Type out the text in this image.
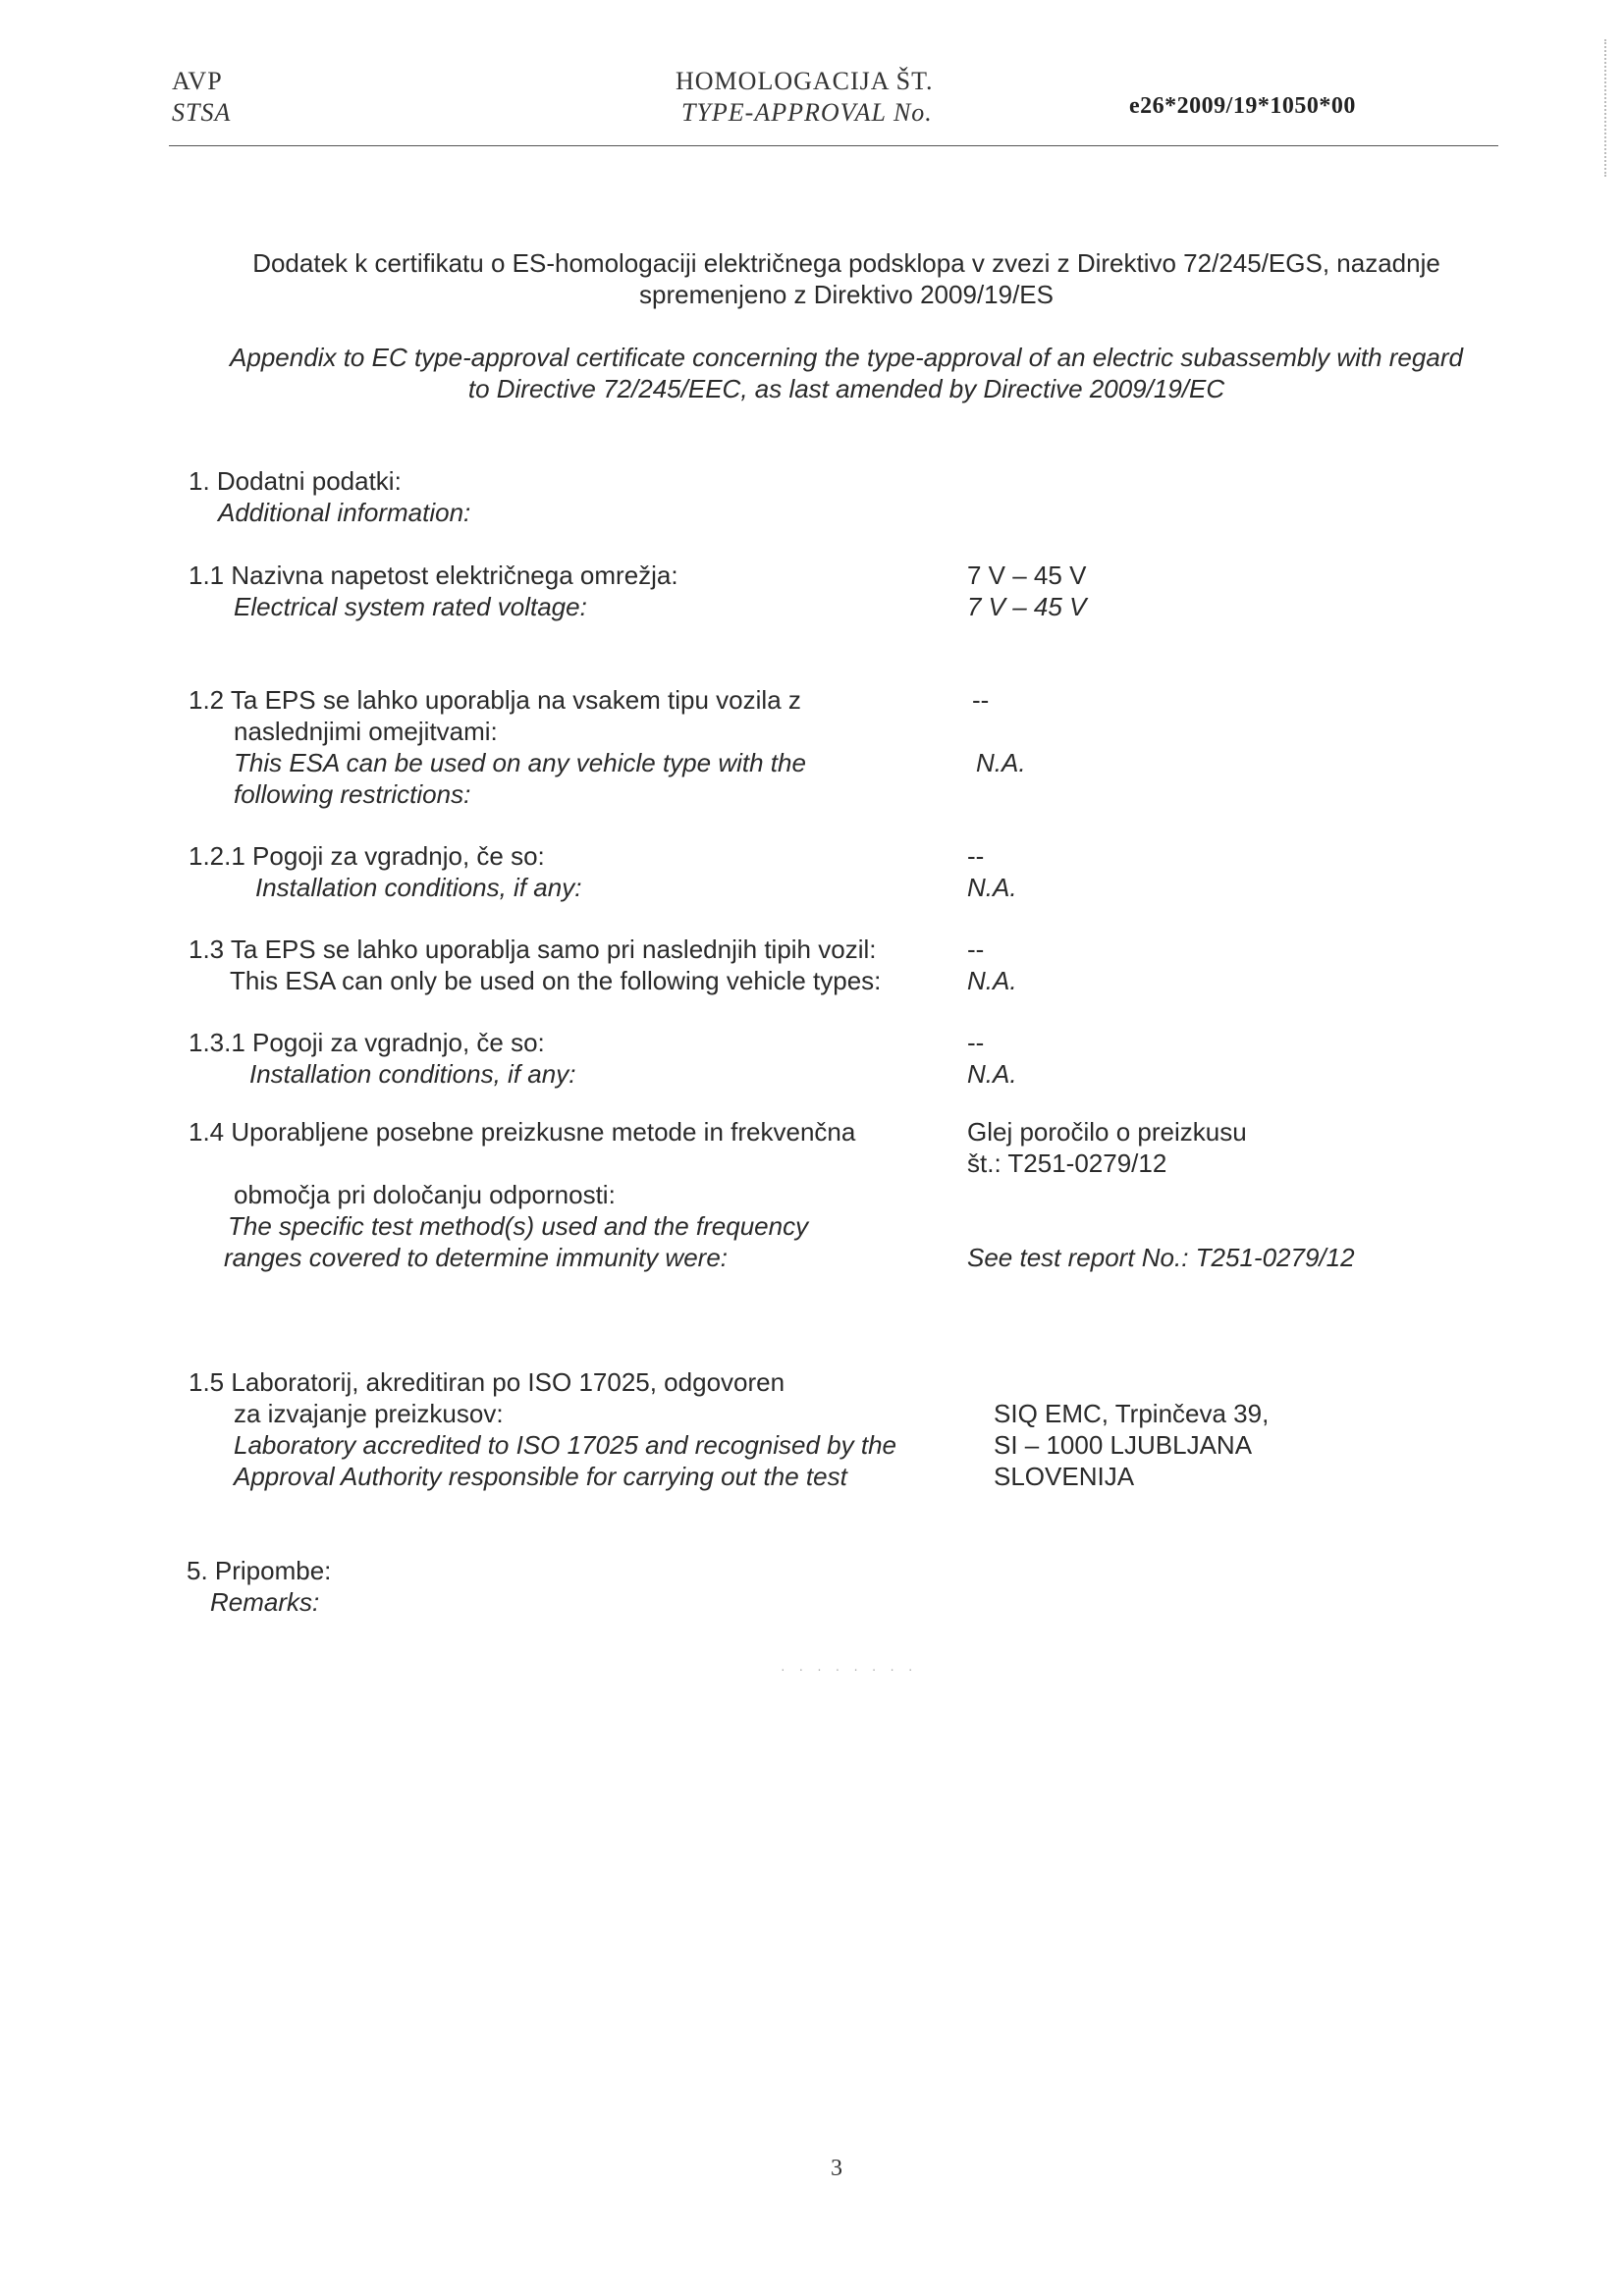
AVP
STSA
HOMOLOGACIJA ŠT.
TYPE-APPROVAL No.	e26*2009/19*1050*00
Dodatek k certifikatu o ES-homologaciji električnega podsklopa v zvezi z Direktivo 72/245/EGS, nazadnje
spremenjeno z Direktivo 2009/19/ES
Appendix to EC type-approval certificate concerning the type-approval of an electric subassembly with regard
to Directive 72/245/EEC, as last amended by Directive 2009/19/EC
1. Dodatni podatki:
Additional information:
1.1 Nazivna napetost električnega omrežja:
Electrical system rated voltage:
7 V – 45 V
7 V – 45 V
1.2 Ta EPS se lahko uporablja na vsakem tipu vozila z
naslednjimi omejitvami:
This ESA can be used on any vehicle type with the
following restrictions:
--
N.A.
1.2.1 Pogoji za vgradnjo, če so:
Installation conditions, if any:
--
N.A.
1.3 Ta EPS se lahko uporablja samo pri naslednjih tipih vozil:
This ESA can only be used on the following vehicle types:
--
N.A.
1.3.1 Pogoji za vgradnjo, če so:
Installation conditions, if any:
--
N.A.
1.4 Uporabljene posebne preizkusne metode in frekvenčna
območja pri določanju odpornosti:
The specific test method(s) used and the frequency
ranges covered to determine immunity were:
Glej poročilo o preizkusu
št.: T251-0279/12
See test report No.: T251-0279/12
1.5 Laboratorij, akreditiran po ISO 17025, odgovoren
za izvajanje preizkusov:
Laboratory accredited to ISO 17025 and recognised by the
Approval Authority responsible for carrying out the test
SIQ EMC, Trpinčeva 39,
SI – 1000 LJUBLJANA
SLOVENIJA
5. Pripombe:
Remarks:
· · · · · · · ·
3
